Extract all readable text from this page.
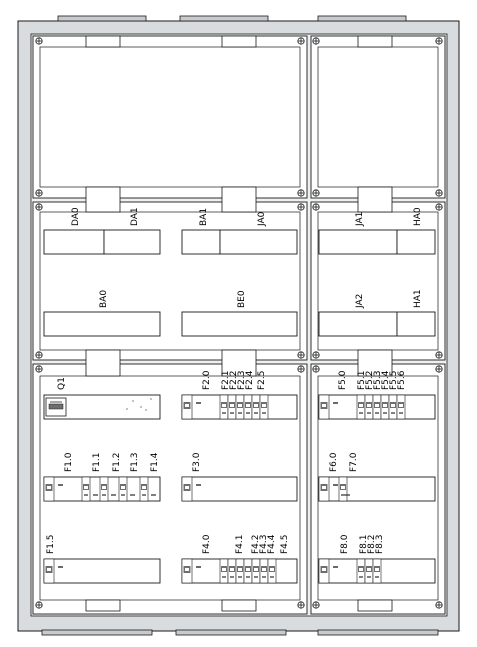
DA0	DA1	BA1	JA0	JA1	HA0
BA0	BE0	JA2	HA1
Q1	F2.0 F2.1
F2.2
F2.3
F2.4 F2.5	F5.0 F5.1
F5.2
F5.3
F5.4
F5.5
F5.6
F1.0 F1.1 F1.2 F1.3 F1.4	F3.0	F6.0 F7.0
F1.5	F4.0	F4.1 F4.2
F4.3
F4.4 F4.5	F8.0 F8.1
F8.2
F8.3
